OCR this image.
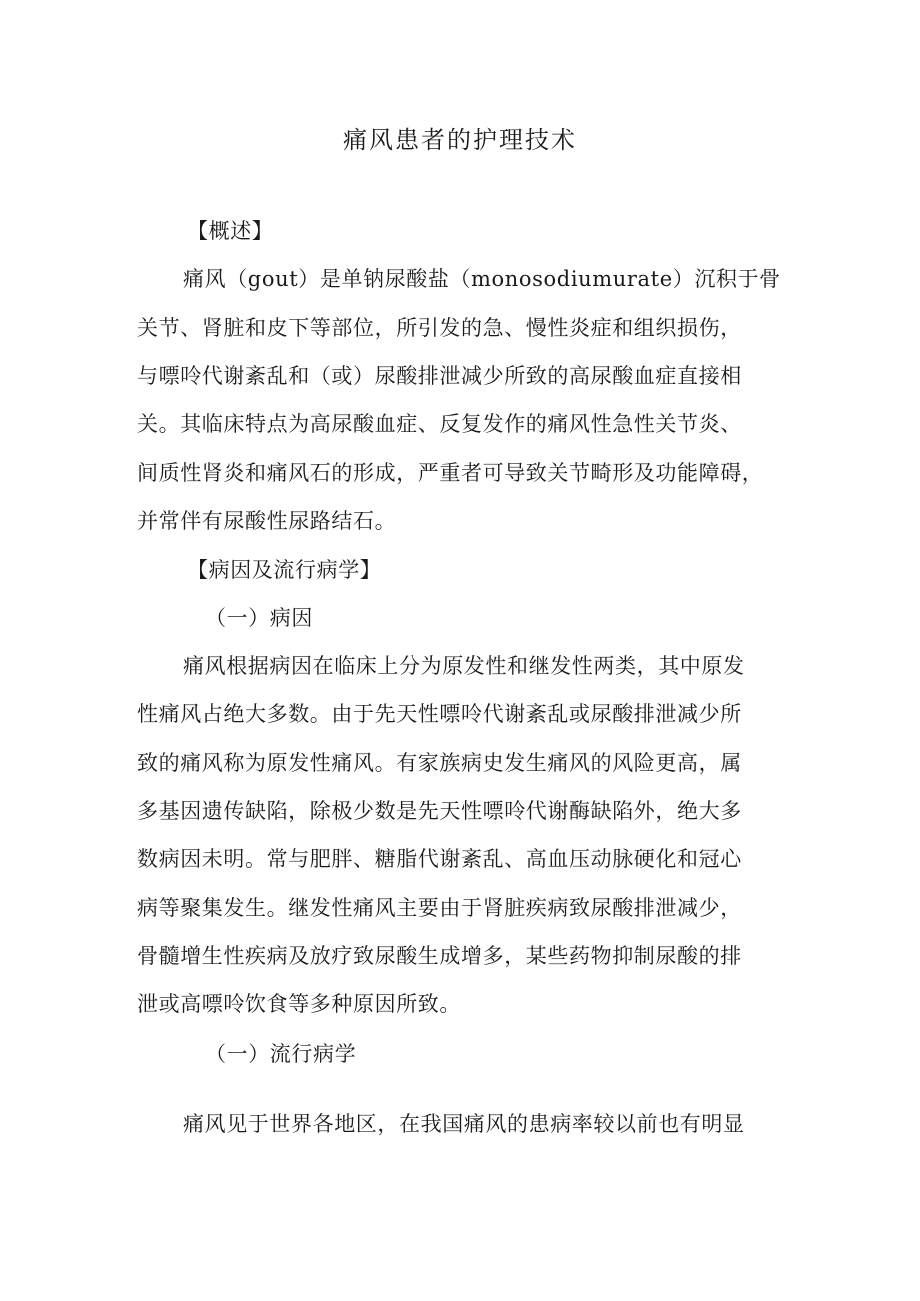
痛风患者的护理技术
【概述】
痛风（gout）是单钠尿酸盐（monosodiumurate）沉积于骨
关节、肾脏和皮下等部位，所引发的急、慢性炎症和组织损伤，
与嘌呤代谢紊乱和（或）尿酸排泄减少所致的高尿酸血症直接相
关。其临床特点为高尿酸血症、反复发作的痛风性急性关节炎、
间质性肾炎和痛风石的形成，严重者可导致关节畸形及功能障碍，
并常伴有尿酸性尿路结石。
【病因及流行病学】
（一）病因
痛风根据病因在临床上分为原发性和继发性两类，其中原发
性痛风占绝大多数。由于先天性嘌呤代谢紊乱或尿酸排泄减少所
致的痛风称为原发性痛风。有家族病史发生痛风的风险更高，属
多基因遗传缺陷，除极少数是先天性嘌呤代谢酶缺陷外，绝大多
数病因未明。常与肥胖、糖脂代谢紊乱、高血压动脉硬化和冠心
病等聚集发生。继发性痛风主要由于肾脏疾病致尿酸排泄减少，
骨髓增生性疾病及放疗致尿酸生成增多，某些药物抑制尿酸的排
泄或高嘌呤饮食等多种原因所致。
（一）流行病学
痛风见于世界各地区，在我国痛风的患病率较以前也有明显
